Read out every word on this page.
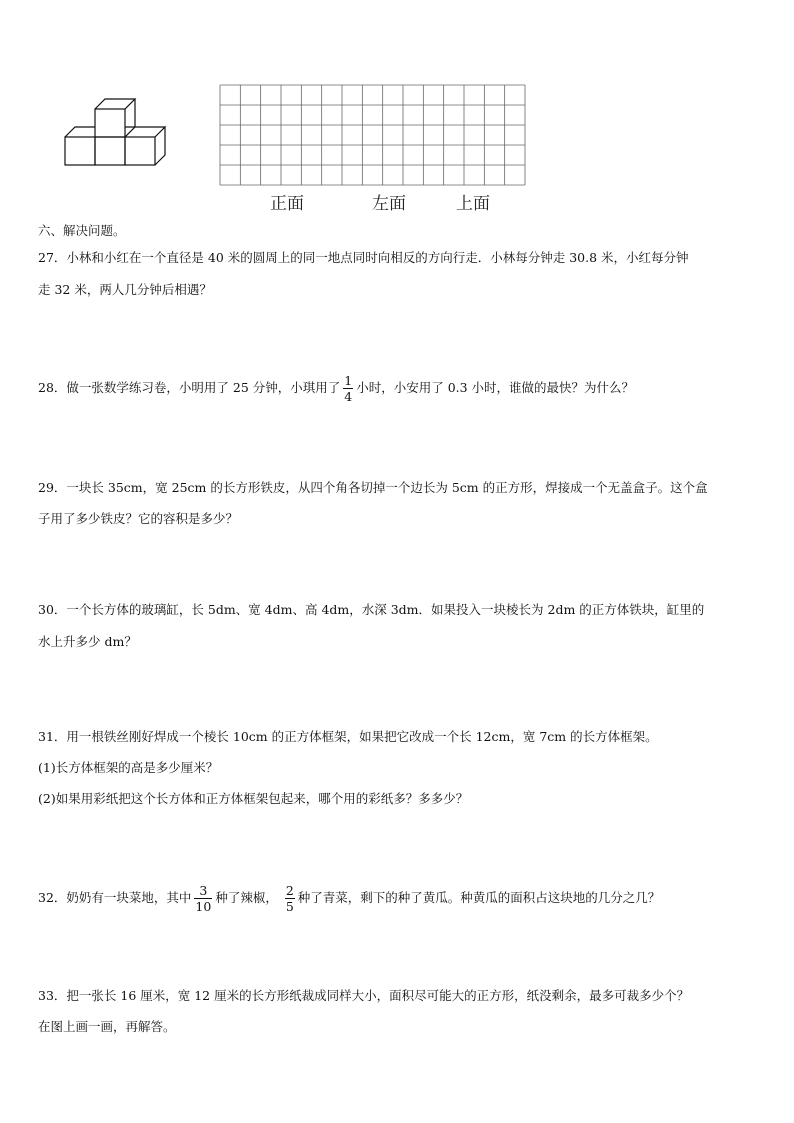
正面	左面	上面
六、解决问题。
27．小林和小红在一个直径是 40 米的圆周上的同一地点同时向相反的方向行走．小林每分钟走 30.8 米，小红每分钟
走 32 米，两人几分钟后相遇？
28．做一张数学练习卷，小明用了 25 分钟，小琪用了 $\frac{1}{4}$ 小时，小安用了 0.3 小时，谁做的最快？为什么？
29．一块长 35cm，宽 25cm 的长方形铁皮，从四个角各切掉一个边长为 5cm 的正方形，焊接成一个无盖盒子。这个盒
子用了多少铁皮？它的容积是多少？
30．一个长方体的玻璃缸，长 5dm、宽 4dm、高 4dm，水深 3dm．如果投入一块棱长为 2dm 的正方体铁块，缸里的
水上升多少 dm？
31．用一根铁丝刚好焊成一个棱长 10cm 的正方体框架，如果把它改成一个长 12cm，宽 7cm 的长方体框架。
(1)长方体框架的高是多少厘米？
(2)如果用彩纸把这个长方体和正方体框架包起来，哪个用的彩纸多？多多少？
32．奶奶有一块菜地，其中 $\frac{3}{10}$ 种了辣椒， $\frac{2}{5}$ 种了青菜，剩下的种了黄瓜。种黄瓜的面积占这块地的几分之几？
33．把一张长 16 厘米，宽 12 厘米的长方形纸裁成同样大小，面积尽可能大的正方形，纸没剩余，最多可裁多少个？
在图上画一画，再解答。
